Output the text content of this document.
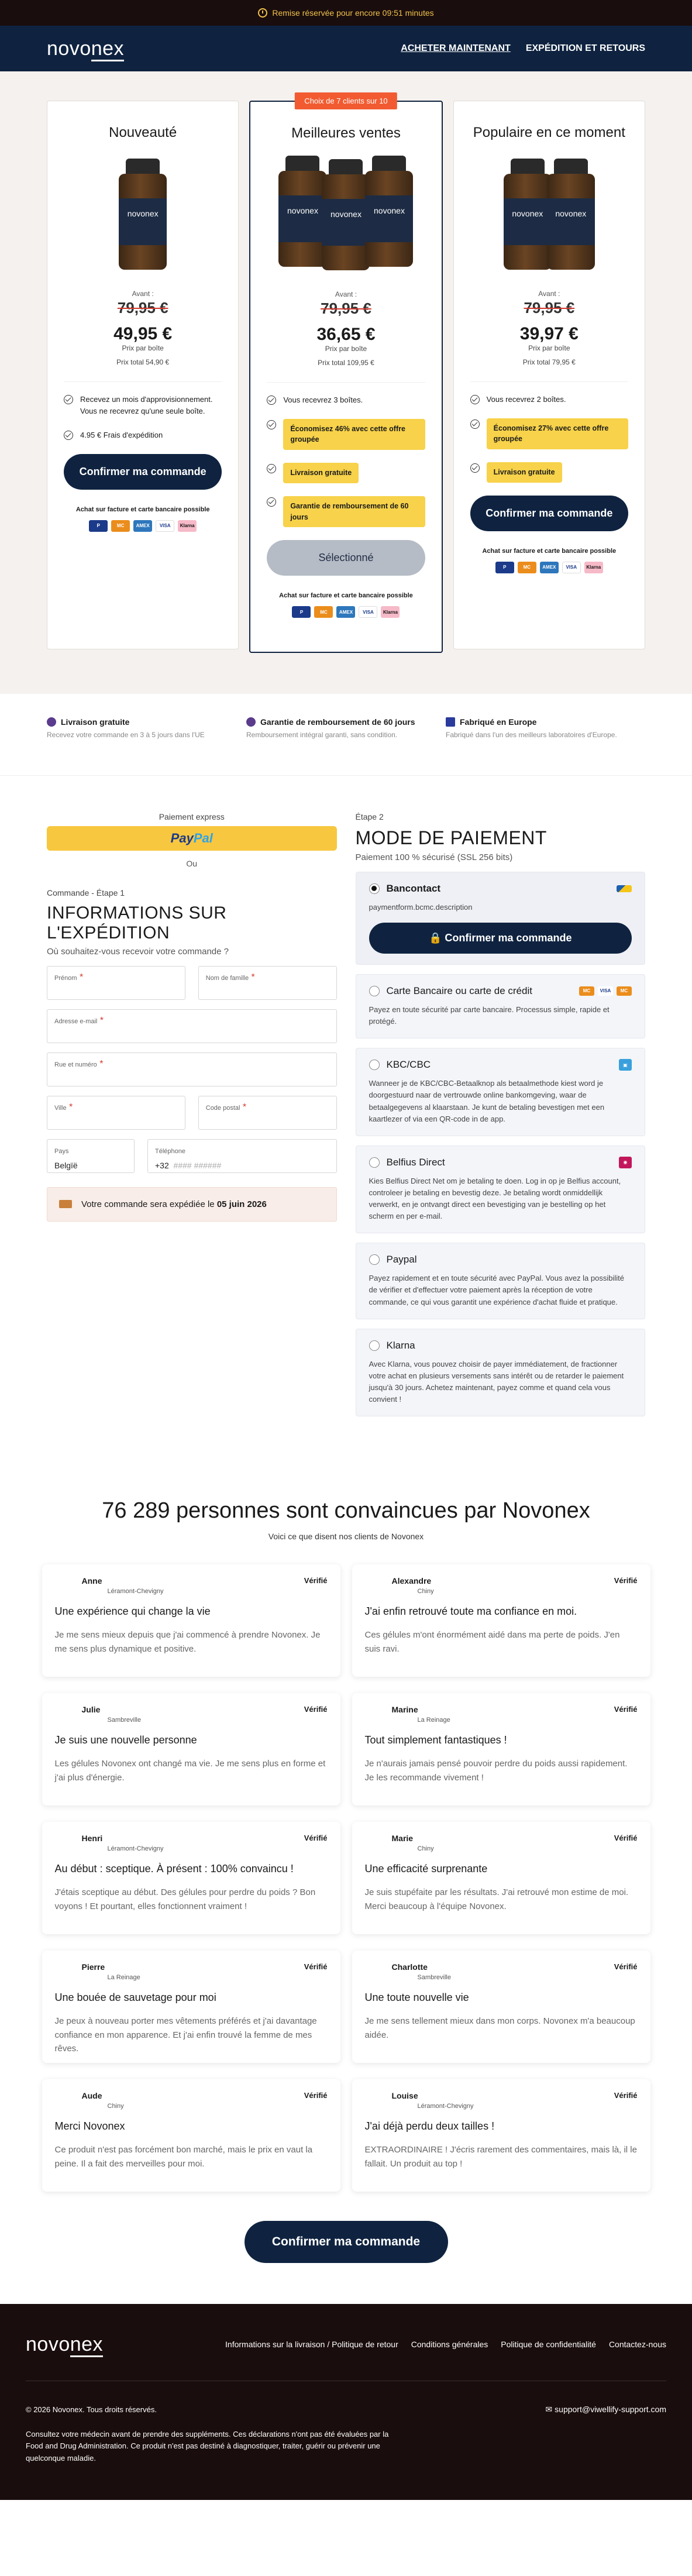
Remise réservée pour encore 09:51 minutes
novonex	ACHETER MAINTENANT EXPÉDITION ET RETOURS
Nouveauté
novonex
Avant :
79,95 €
49,95 €
Prix par boîte
Prix total 54,90 €
Recevez un mois d'approvisionnement. Vous ne recevrez qu'une seule boîte.
4.95 € Frais d'expédition
Confirmer ma commande
Achat sur facture et carte bancaire possible
P	MC	AMEX	VISA	Klarna
Choix de 7 clients sur 10
Meilleures ventes
novonex	novonex	novonex
Avant :
79,95 €
36,65 €
Prix par boîte
Prix total 109,95 €
Vous recevrez 3 boîtes.
Économisez 46% avec cette offre groupée
Livraison gratuite
Garantie de remboursement de 60 jours
Sélectionné
Achat sur facture et carte bancaire possible
P	MC	AMEX	VISA	Klarna
Populaire en ce moment
novonex	novonex
Avant :
79,95 €
39,97 €
Prix par boîte
Prix total 79,95 €
Vous recevrez 2 boîtes.
Économisez 27% avec cette offre groupée
Livraison gratuite
Confirmer ma commande
Achat sur facture et carte bancaire possible
P	MC	AMEX	VISA	Klarna
Livraison gratuite
Recevez votre commande en 3 à 5 jours dans l'UE
Garantie de remboursement de 60 jours
Remboursement intégral garanti, sans condition.
Fabriqué en Europe
Fabriqué dans l'un des meilleurs laboratoires d'Europe.
Paiement express
Pay Pal
Ou
Commande - Étape 1
INFORMATIONS SUR L'EXPÉDITION
Où souhaitez-vous recevoir votre commande ?
Prénom *	Nom de famille *
Adresse e-mail *
Rue et numéro *
Ville *	Code postal *
Pays
Belgïë
Téléphone
+32 #### ######
Votre commande sera expédiée le 05 juin 2026
Étape 2
MODE DE PAIEMENT
Paiement 100 % sécurisé (SSL 256 bits)
Bancontact
paymentform.bcmc.description
🔒 Confirmer ma commande
Carte Bancaire ou carte de crédit	MC	VISA	MC
Payez en toute sécurité par carte bancaire. Processus simple, rapide et protégé.
KBC/CBC	▣
Wanneer je de KBC/CBC-Betaalknop als betaalmethode kiest word je doorgestuurd naar de vertrouwde online bankomgeving, waar de betaalgegevens al klaarstaan. Je kunt de betaling bevestigen met een kaartlezer of via een QR-code in de app.
Belfius Direct	◉
Kies Belfius Direct Net om je betaling te doen. Log in op je Belfius account, controleer je betaling en bevestig deze. Je betaling wordt onmiddellijk verwerkt, en je ontvangt direct een bevestiging van je bestelling op het scherm en per e-mail.
Paypal
Payez rapidement et en toute sécurité avec PayPal. Vous avez la possibilité de vérifier et d'effectuer votre paiement après la réception de votre commande, ce qui vous garantit une expérience d'achat fluide et pratique.
Klarna
Avec Klarna, vous pouvez choisir de payer immédiatement, de fractionner votre achat en plusieurs versements sans intérêt ou de retarder le paiement jusqu'à 30 jours. Achetez maintenant, payez comme et quand cela vous convient !
76 289 personnes sont convaincues par Novonex
Voici ce que disent nos clients de Novonex
Anne
Léramont-Chevigny
Vérifié
Une expérience qui change la vie
Je me sens mieux depuis que j'ai commencé à prendre Novonex. Je me sens plus dynamique et positive.
Alexandre
Chiny
Vérifié
J'ai enfin retrouvé toute ma confiance en moi.
Ces gélules m'ont énormément aidé dans ma perte de poids. J'en suis ravi.
Julie
Sambreville
Vérifié
Je suis une nouvelle personne
Les gélules Novonex ont changé ma vie. Je me sens plus en forme et j'ai plus d'énergie.
Marine
La Reinage
Vérifié
Tout simplement fantastiques !
Je n'aurais jamais pensé pouvoir perdre du poids aussi rapidement. Je les recommande vivement !
Henri
Léramont-Chevigny
Vérifié
Au début : sceptique. À présent : 100% convaincu !
J'étais sceptique au début. Des gélules pour perdre du poids ? Bon voyons ! Et pourtant, elles fonctionnent vraiment !
Marie
Chiny
Vérifié
Une efficacité surprenante
Je suis stupéfaite par les résultats. J'ai retrouvé mon estime de moi. Merci beaucoup à l'équipe Novonex.
Pierre
La Reinage
Vérifié
Une bouée de sauvetage pour moi
Je peux à nouveau porter mes vêtements préférés et j'ai davantage confiance en mon apparence. Et j'ai enfin trouvé la femme de mes rêves.
Charlotte
Sambreville
Vérifié
Une toute nouvelle vie
Je me sens tellement mieux dans mon corps. Novonex m'a beaucoup aidée.
Aude
Chiny
Vérifié
Merci Novonex
Ce produit n'est pas forcément bon marché, mais le prix en vaut la peine. Il a fait des merveilles pour moi.
Louise
Léramont-Chevigny
Vérifié
J'ai déjà perdu deux tailles !
EXTRAORDINAIRE ! J'écris rarement des commentaires, mais là, il le fallait. Un produit au top !
Confirmer ma commande
novonex	Informations sur la livraison / Politique de retour Conditions générales Politique de confidentialité Contactez-nous
© 2026 Novonex. Tous droits réservés.	✉ support@viwellify-support.com
Consultez votre médecin avant de prendre des suppléments. Ces déclarations n'ont pas été évaluées par la Food and Drug Administration. Ce produit n'est pas destiné à diagnostiquer, traiter, guérir ou prévenir une quelconque maladie.
